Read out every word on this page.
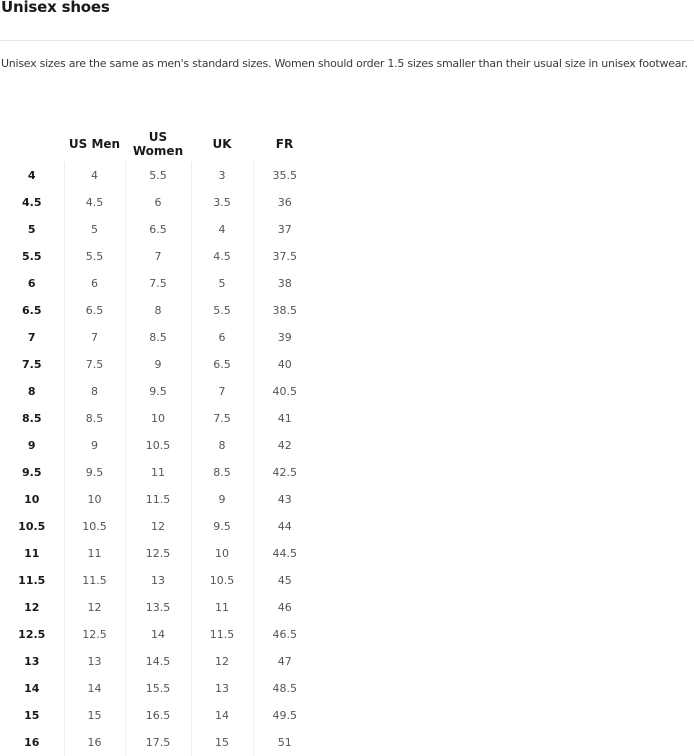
Unisex shoes

Unisex sizes are the same as men's standard sizes. Women should order 1.5 sizes smaller than their usual size in unisex footwear.

	US Men	US Women	UK	FR
4	4	5.5	3	35.5
4.5	4.5	6	3.5	36
5	5	6.5	4	37
5.5	5.5	7	4.5	37.5
6	6	7.5	5	38
6.5	6.5	8	5.5	38.5
7	7	8.5	6	39
7.5	7.5	9	6.5	40
8	8	9.5	7	40.5
8.5	8.5	10	7.5	41
9	9	10.5	8	42
9.5	9.5	11	8.5	42.5
10	10	11.5	9	43
10.5	10.5	12	9.5	44
11	11	12.5	10	44.5
11.5	11.5	13	10.5	45
12	12	13.5	11	46
12.5	12.5	14	11.5	46.5
13	13	14.5	12	47
14	14	15.5	13	48.5
15	15	16.5	14	49.5
16	16	17.5	15	51
